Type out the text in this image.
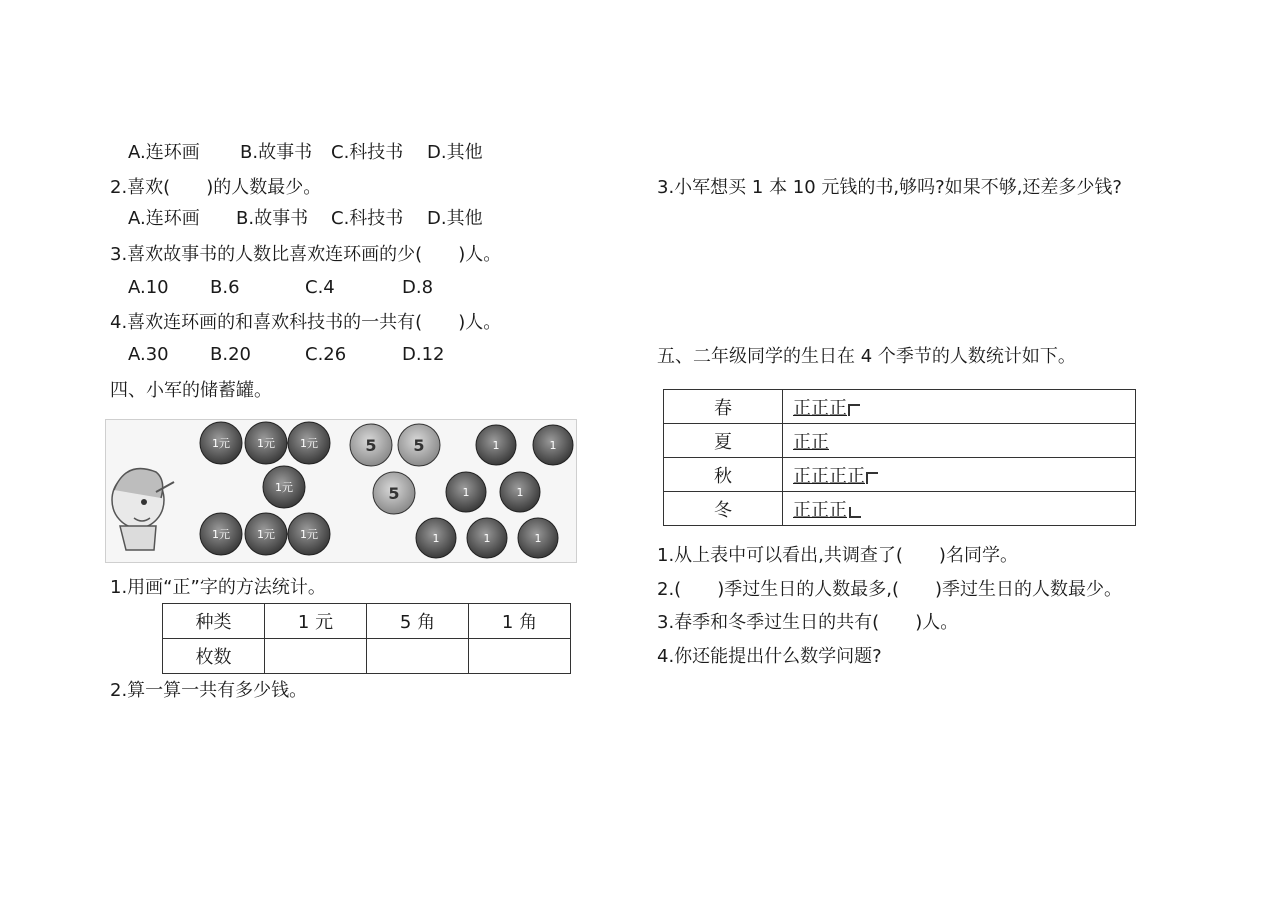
A.连环画 B.故事书 C.科技书 D.其他
2.喜欢(　　)的人数最少。
A.连环画 B.故事书 C.科技书 D.其他
3.喜欢故事书的人数比喜欢连环画的少(　　)人。
A.10 B.6	C.4	D.8
4.喜欢连环画的和喜欢科技书的一共有(　　)人。
A.30 B.20	C.26	D.12
四、小军的储蓄罐。
1元 1元 1元
1元
1元 1元 1元
5 5
5
1	1
1	1
1	1	1
1.用画“正”字的方法统计。
种类	1 元	5 角	1 角
枚数			
2.算一算一共有多少钱。
3.小军想买 1 本 10 元钱的书,够吗?如果不够,还差多少钱?
五、二年级同学的生日在 4 个季节的人数统计如下。
春	正正正
夏	正正
秋	正正正正
冬	正正正
1.从上表中可以看出,共调查了(　　)名同学。
2.(　　)季过生日的人数最多,(　　)季过生日的人数最少。
3.春季和冬季过生日的共有(　　)人。
4.你还能提出什么数学问题?
